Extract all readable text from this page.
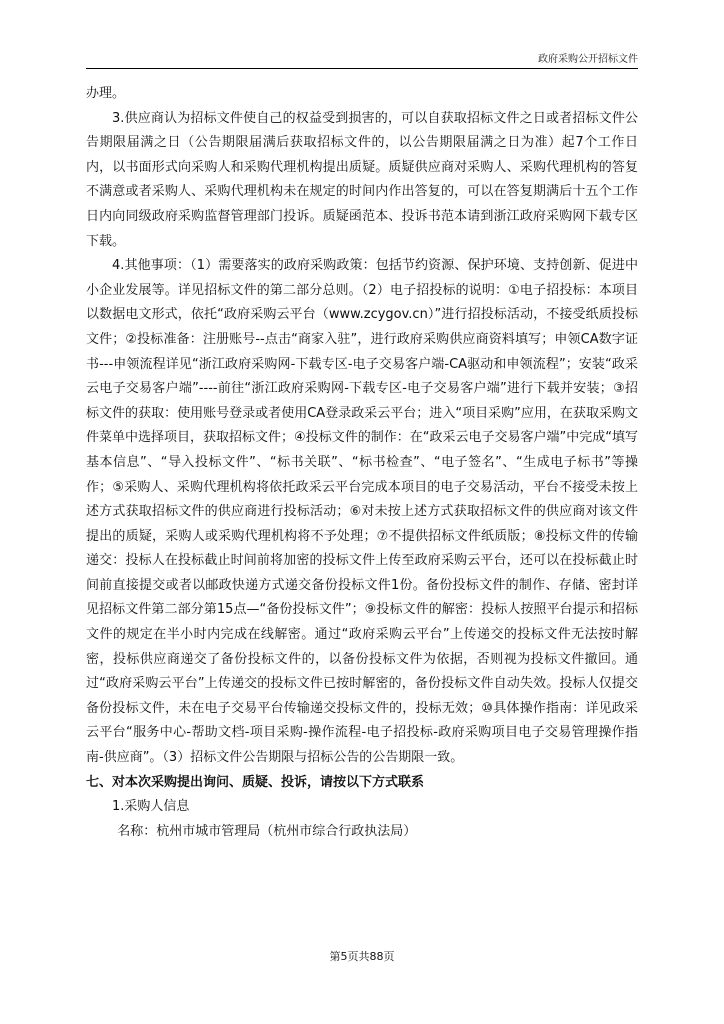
政府采购公开招标文件

办理。

3.供应商认为招标文件使自己的权益受到损害的，可以自获取招标文件之日或者招标文件公告期限届满之日（公告期限届满后获取招标文件的，以公告期限届满之日为准）起7个工作日内，以书面形式向采购人和采购代理机构提出质疑。质疑供应商对采购人、采购代理机构的答复不满意或者采购人、采购代理机构未在规定的时间内作出答复的，可以在答复期满后十五个工作日内向同级政府采购监督管理部门投诉。质疑函范本、投诉书范本请到浙江政府采购网下载专区下载。

4.其他事项：（1）需要落实的政府采购政策：包括节约资源、保护环境、支持创新、促进中小企业发展等。详见招标文件的第二部分总则。（2）电子招投标的说明：①电子招投标：本项目以数据电文形式，依托“政府采购云平台（www.zcygov.cn）”进行招投标活动，不接受纸质投标文件；②投标准备：注册账号--点击“商家入驻”，进行政府采购供应商资料填写；申领CA数字证书---申领流程详见“浙江政府采购网-下载专区-电子交易客户端-CA驱动和申领流程”；安装“政采云电子交易客户端”----前往“浙江政府采购网-下载专区-电子交易客户端”进行下载并安装；③招标文件的获取：使用账号登录或者使用CA登录政采云平台；进入“项目采购”应用，在获取采购文件菜单中选择项目，获取招标文件；④投标文件的制作：在“政采云电子交易客户端”中完成“填写基本信息”、“导入投标文件”、“标书关联”、“标书检查”、“电子签名”、“生成电子标书”等操作；⑤采购人、采购代理机构将依托政采云平台完成本项目的电子交易活动，平台不接受未按上述方式获取招标文件的供应商进行投标活动；⑥对未按上述方式获取招标文件的供应商对该文件提出的质疑，采购人或采购代理机构将不予处理；⑦不提供招标文件纸质版；⑧投标文件的传输递交：投标人在投标截止时间前将加密的投标文件上传至政府采购云平台，还可以在投标截止时间前直接提交或者以邮政快递方式递交备份投标文件1份。备份投标文件的制作、存储、密封详见招标文件第二部分第15点—“备份投标文件”；⑨投标文件的解密：投标人按照平台提示和招标文件的规定在半小时内完成在线解密。通过“政府采购云平台”上传递交的投标文件无法按时解密，投标供应商递交了备份投标文件的，以备份投标文件为依据，否则视为投标文件撤回。通过“政府采购云平台”上传递交的投标文件已按时解密的，备份投标文件自动失效。投标人仅提交备份投标文件，未在电子交易平台传输递交投标文件的，投标无效；⑩具体操作指南：详见政采云平台“服务中心-帮助文档-项目采购-操作流程-电子招投标-政府采购项目电子交易管理操作指南-供应商”。（3）招标文件公告期限与招标公告的公告期限一致。

七、对本次采购提出询问、质疑、投诉，请按以下方式联系

1.采购人信息

名称：杭州市城市管理局（杭州市综合行政执法局）

第5页共88页
